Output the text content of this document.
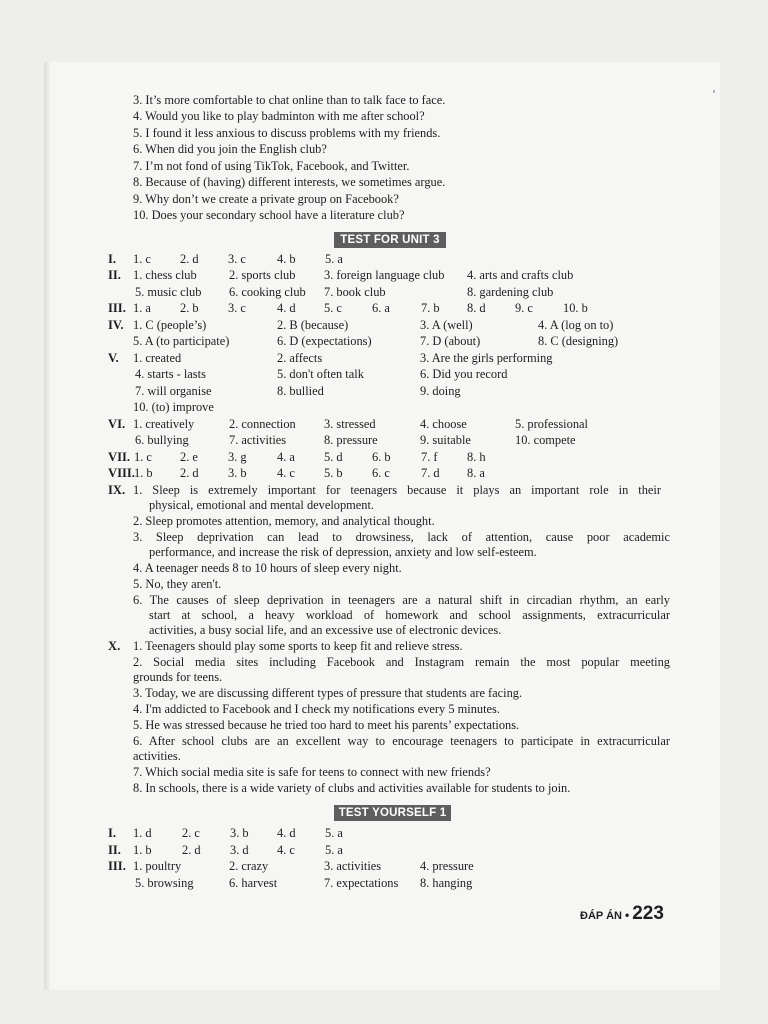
3. It’s more comfortable to chat online than to talk face to face.
4. Would you like to play badminton with me after school?
5. I found it less anxious to discuss problems with my friends.
6. When did you join the English club?
7. I’m not fond of using TikTok, Facebook, and Twitter.
8. Because of (having) different interests, we sometimes argue.
9. Why don’t we create a private group on Facebook?
10. Does your secondary school have a literature club?
TEST FOR UNIT 3
I. 1. c 2. d 3. c	4. b 5. a
II. 1. chess club	2. sports club 3. foreign language club 4. arts and crafts club
5. music club 6. cooking club 7. book club	8. gardening club
III. 1. a 2. b 3. c	4. d 5. c 6. a	7. b 8. d 9. c 10. b
IV. 1. C (people’s)	2. B (because)	3. A (well)	4. A (log on to)
5. A (to participate)	6. D (expectations)	7. D (about)	8. C (designing)
V. 1. created	2. affects	3. Are the girls performing
4. starts - lasts	5. don't often talk	6. Did you record
7. will organise	8. bullied	9. doing
10. (to) improve
VI. 1. creatively	2. connection 3. stressed	4. choose	5. professional
6. bullying	7. activities	8. pressure	9. suitable	10. compete
VII. 1. c 2. e 3. g 4. a 5. d 6. b 7. f 8. h
VIII. 1. b 2. d 3. b 4. c 5. b 6. c	7. d 8. a
IX. 1. Sleep is extremely important for teenagers because it plays an important role in their
physical, emotional and mental development.
2. Sleep promotes attention, memory, and analytical thought.
3. Sleep deprivation can lead to drowsiness, lack of attention, cause poor academic
performance, and increase the risk of depression, anxiety and low self-esteem.
4. A teenager needs 8 to 10 hours of sleep every night.
5. No, they aren't.
6. The causes of sleep deprivation in teenagers are a natural shift in circadian rhythm, an early
start at school, a heavy workload of homework and school assignments, extracurricular
activities, a busy social life, and an excessive use of electronic devices.
X. 1. Teenagers should play some sports to keep fit and relieve stress.
2. Social media sites including Facebook and Instagram remain the most popular meeting
grounds for teens.
3. Today, we are discussing different types of pressure that students are facing.
4. I'm addicted to Facebook and I check my notifications every 5 minutes.
5. He was stressed because he tried too hard to meet his parents’ expectations.
6. After school clubs are an excellent way to encourage teenagers to participate in extracurricular
activities.
7. Which social media site is safe for teens to connect with new friends?
8. In schools, there is a wide variety of clubs and activities available for students to join.
TEST YOURSELF 1
I. 1. d 2. c 3. b 4. d 5. a
II. 1. b 2. d 3. d 4. c 5. a
III. 1. poultry	2. crazy	3. activities	4. pressure
5. browsing	6. harvest	7. expectations 8. hanging
ĐÁP ÁN • 223
